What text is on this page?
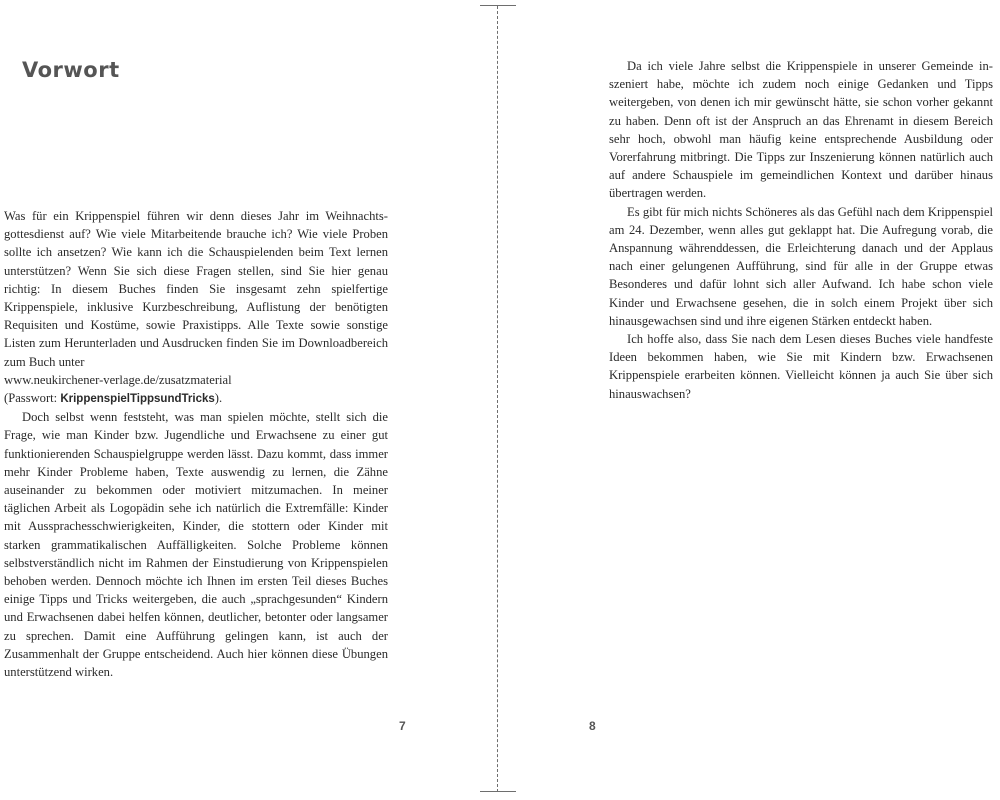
Vorwort

Was für ein Krippenspiel führen wir denn dieses Jahr im Weihnachtsgottesdienst auf? Wie viele Mitarbeitende brauche ich? Wie viele Proben sollte ich ansetzen? Wie kann ich die Schauspielenden beim Text lernen unterstützen? Wenn Sie sich diese Fragen stellen, sind Sie hier genau richtig: In diesem Buches finden Sie insgesamt zehn spielfertige Krippenspiele, inklusive Kurzbeschreibung, Auflistung der benötigten Requisiten und Kostüme, sowie Praxistipps. Alle Texte sowie sonstige Listen zum Herunterladen und Ausdrucken finden Sie im Downloadbereich zum Buch unter
www.neukirchener-verlage.de/zusatzmaterial
(Passwort: KrippenspielTippsundTricks).

Doch selbst wenn feststeht, was man spielen möchte, stellt sich die Frage, wie man Kinder bzw. Jugendliche und Erwachsene zu einer gut funktionierenden Schauspielgruppe werden lässt. Dazu kommt, dass immer mehr Kinder Probleme haben, Texte auswendig zu lernen, die Zähne auseinander zu bekommen oder motiviert mitzumachen. In meiner täglichen Arbeit als Logopädin sehe ich natürlich die Extremfälle: Kinder mit Aussprachesschwierigkeiten, Kinder, die stottern oder Kinder mit starken grammatikalischen Auffälligkeiten. Solche Probleme können selbstverständlich nicht im Rahmen der Einstudierung von Krippenspielen behoben werden. Dennoch möchte ich Ihnen im ersten Teil dieses Buches einige Tipps und Tricks weitergeben, die auch „sprachgesunden“ Kindern und Erwachsenen dabei helfen können, deutlicher, betonter oder langsamer zu sprechen. Damit eine Aufführung gelingen kann, ist auch der Zusammenhalt der Gruppe entscheidend. Auch hier können diese Übungen unterstützend wirken.

7

Da ich viele Jahre selbst die Krippenspiele in unserer Gemeinde inszeniert habe, möchte ich zudem noch einige Gedanken und Tipps weitergeben, von denen ich mir gewünscht hätte, sie schon vorher gekannt zu haben. Denn oft ist der Anspruch an das Ehrenamt in diesem Bereich sehr hoch, obwohl man häufig keine entsprechende Ausbildung oder Vorerfahrung mitbringt. Die Tipps zur Inszenierung können natürlich auch auf andere Schauspiele im gemeindlichen Kontext und darüber hinaus übertragen werden.

Es gibt für mich nichts Schöneres als das Gefühl nach dem Krippenspiel am 24. Dezember, wenn alles gut geklappt hat. Die Aufregung vorab, die Anspannung währenddessen, die Erleichterung danach und der Applaus nach einer gelungenen Aufführung, sind für alle in der Gruppe etwas Besonderes und dafür lohnt sich aller Aufwand. Ich habe schon viele Kinder und Erwachsene gesehen, die in solch einem Projekt über sich hinausgewachsen sind und ihre eigenen Stärken entdeckt haben.

Ich hoffe also, dass Sie nach dem Lesen dieses Buches viele handfeste Ideen bekommen haben, wie Sie mit Kindern bzw. Erwachsenen Krippenspiele erarbeiten können. Vielleicht können ja auch Sie über sich hinauswachsen?

8
